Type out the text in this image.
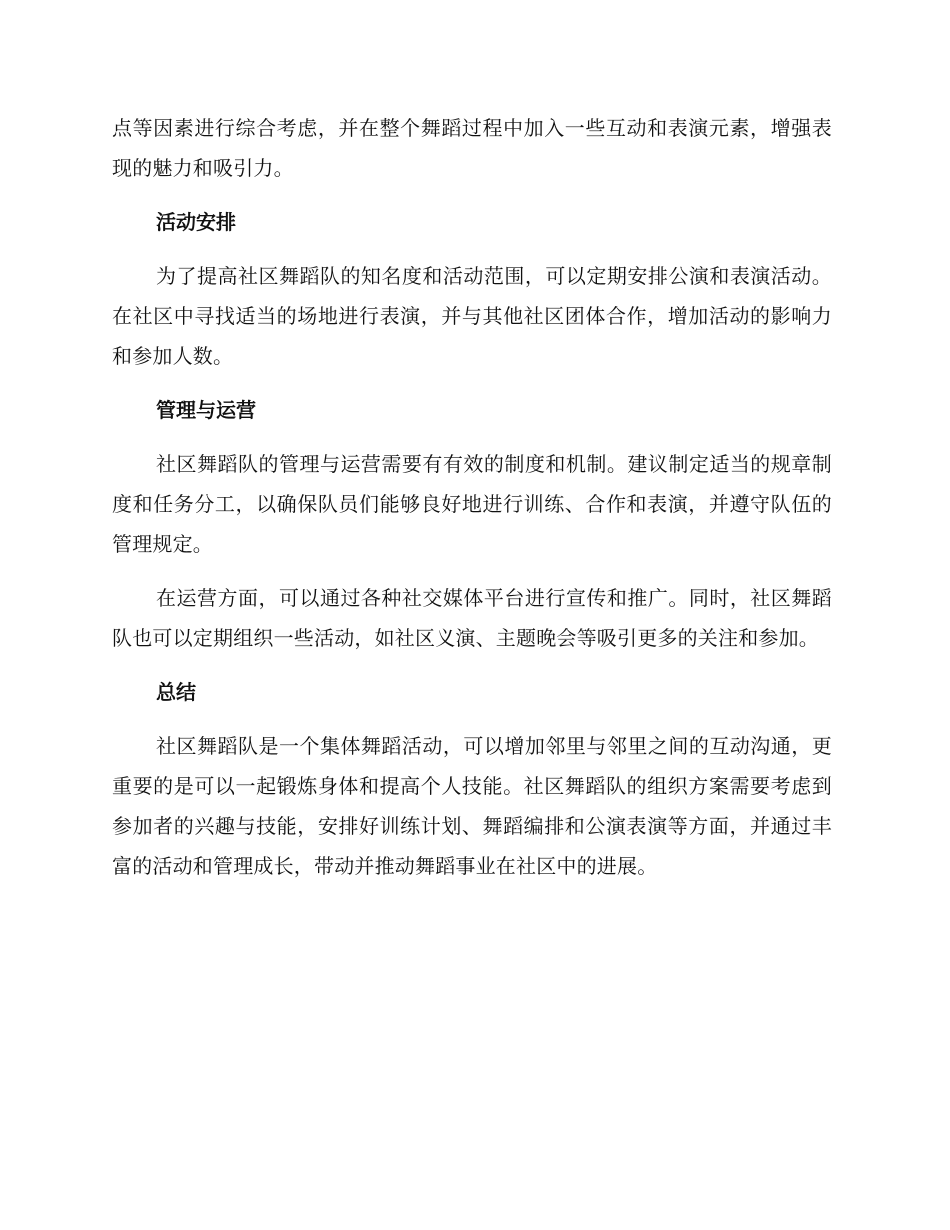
点等因素进行综合考虑，并在整个舞蹈过程中加入一些互动和表演元素，增强表现的魅力和吸引力。

活动安排

为了提高社区舞蹈队的知名度和活动范围，可以定期安排公演和表演活动。在社区中寻找适当的场地进行表演，并与其他社区团体合作，增加活动的影响力和参加人数。

管理与运营

社区舞蹈队的管理与运营需要有有效的制度和机制。建议制定适当的规章制度和任务分工，以确保队员们能够良好地进行训练、合作和表演，并遵守队伍的管理规定。

在运营方面，可以通过各种社交媒体平台进行宣传和推广。同时，社区舞蹈队也可以定期组织一些活动，如社区义演、主题晚会等吸引更多的关注和参加。

总结

社区舞蹈队是一个集体舞蹈活动，可以增加邻里与邻里之间的互动沟通，更重要的是可以一起锻炼身体和提高个人技能。社区舞蹈队的组织方案需要考虑到参加者的兴趣与技能，安排好训练计划、舞蹈编排和公演表演等方面，并通过丰富的活动和管理成长，带动并推动舞蹈事业在社区中的进展。
